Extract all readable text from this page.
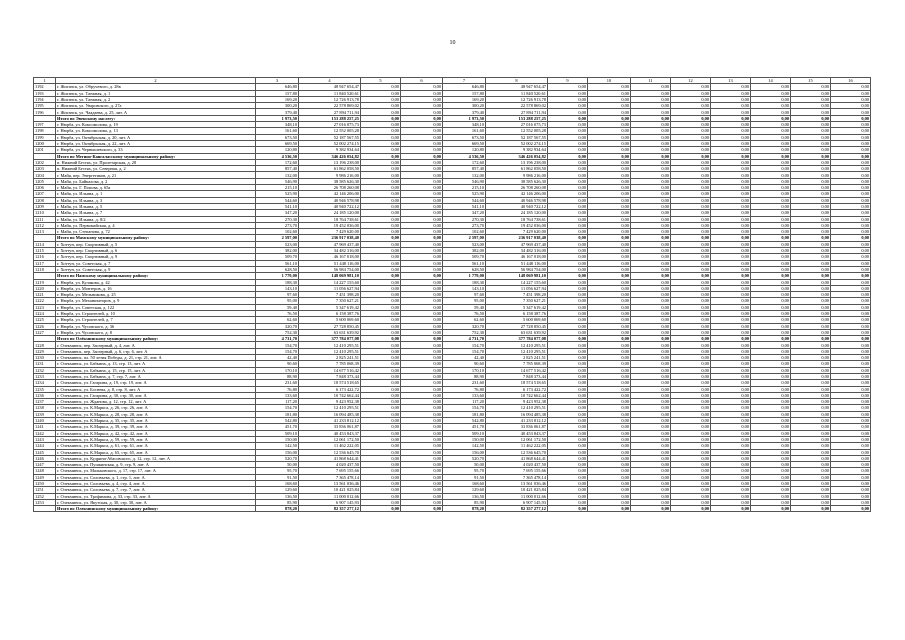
10
1	2	3	4	5	6	7	8	9	10	11	12	13	14	15	16
1192	г. Жиганск, ул. Обручевого, д. 28в	646,80	48 947 654,47	0,00	0,00	646,80	48 947 654,47	0,00	0,00	0,00	0,00	0,00	0,00	0,00	0,00
1193	г. Жиганск, ул. Таежная, д. 1	157,80	11 840 520,61	0,00	0,00	157,80	11 840 520,61	0,00	0,00	0,00	0,00	0,00	0,00	0,00	0,00
1194	г. Жиганск, ул. Таежная, д. 2	169,20	12 726 913,78	0,00	0,00	169,20	12 726 913,78	0,00	0,00	0,00	0,00	0,00	0,00	0,00	0,00
1195	г. Жиганск, ул. Уваровского, д. 27a	300,20	22 578 869,02	0,00	0,00	300,20	22 578 869,02	0,00	0,00	0,00	0,00	0,00	0,00	0,00	0,00
1196	г. Жиганск, ул. Чаадаева, д. 25, лит. А	379,40	27 894 711,94	0,00	0,00	379,40	27 894 711,94	0,00	0,00	0,00	0,00	0,00	0,00	0,00	0,00
	Итого по Эвенскому наслегу:	1 973,50	153 288 257,25	0,00	0,00	1 973,50	153 288 257,25	0,00	0,00	0,00	0,00	0,00	0,00	0,00	0,00
1197	г. Нюрба, ул. Комсомолова, д. 19	348,10	27 016 075,73	0,00	0,00	348,10	27 016 075,73	0,00	0,00	0,00	0,00	0,00	0,00	0,00	0,00
1198	г. Нюрба, ул. Комсомолова, д. 13	161,60	12 552 005,28	0,00	0,00	161,60	12 552 005,28	0,00	0,00	0,00	0,00	0,00	0,00	0,00	0,00
1199	г. Нюрба, ул. Октябрьская, д. 20, лит. А	673,50	52 187 567,55	0,00	0,00	673,50	52 187 567,55	0,00	0,00	0,00	0,00	0,00	0,00	0,00	0,00
1200	г. Нюрба, ул. Октябрьская, д. 22, лит. А	669,50	52 002 274,15	0,00	0,00	669,50	52 002 274,15	0,00	0,00	0,00	0,00	0,00	0,00	0,00	0,00
1201	г. Нюрба, ул. Чернышевского, д. 33	120,80	9 382 934,64	0,00	0,00	120,80	9 382 934,64	0,00	0,00	0,00	0,00	0,00	0,00	0,00	0,00
	Итого по Мегино-Кангаласскому муниципальному району:	4 536,50	346 426 054,82	0,00	0,00	4 536,50	346 426 054,82	0,00	0,00	0,00	0,00	0,00	0,00	0,00	0,00
1202	п. Нижний Бестях, ул. Пролетарская, д. 28	172,60	13 196 238,00	0,00	0,00	172,60	13 196 238,00	0,00	0,00	0,00	0,00	0,00	0,00	0,00	0,00
1203	п. Нижний Бестях, ул. Северная, д. 2	857,40	61 862 058,50	0,00	0,00	857,40	61 862 058,50	0,00	0,00	0,00	0,00	0,00	0,00	0,00	0,00
1204	г. Майя, пер. Энергетиков, д. 21	132,00	9 986 216,00	0,00	0,00	132,00	9 986 216,00	0,00	0,00	0,00	0,00	0,00	0,00	0,00	0,00
1205	г. Майя, ул. Байкалова, д. 2	546,90	38 585 626,30	0,00	0,00	546,90	38 585 626,30	0,00	0,00	0,00	0,00	0,00	0,00	0,00	0,00
1206	г. Майя, ул. Г. Попова, д. 65а	215,10	26 708 260,08	0,00	0,00	215,10	26 708 260,08	0,00	0,00	0,00	0,00	0,00	0,00	0,00	0,00
1207	г. Майя, ул. Ильина, д. 1	525,90	42 146 206,00	0,00	0,00	525,90	42 146 206,00	0,00	0,00	0,00	0,00	0,00	0,00	0,00	0,00
1208	г. Майя, ул. Ильина, д. 3	544,60	40 946 578,98	0,00	0,00	544,60	40 946 578,98	0,00	0,00	0,00	0,00	0,00	0,00	0,00	0,00
1209	г. Майя, ул. Ильина, д. 5	541,10	40 940 722,12	0,00	0,00	541,10	40 940 722,12	0,00	0,00	0,00	0,00	0,00	0,00	0,00	0,00
1210	г. Майя, ул. Ильина, д. 7	347,20	24 185 120,00	0,00	0,00	347,20	24 185 120,00	0,00	0,00	0,00	0,00	0,00	0,00	0,00	0,00
1211	г. Майя, ул. Ильина, д. 8/2	270,30	18 764 738,61	0,00	0,00	270,30	18 764 738,61	0,00	0,00	0,00	0,00	0,00	0,00	0,00	0,00
1212	г. Майя, ул. Первомайская, д. 4	273,70	19 452 036,00	0,00	0,00	273,70	19 452 036,00	0,00	0,00	0,00	0,00	0,00	0,00	0,00	0,00
1213	г. Майя, ул. Степанова, д. 72	102,60	7 429 620,00	0,00	0,00	102,60	7 429 620,00	0,00	0,00	0,00	0,00	0,00	0,00	0,00	0,00
	Итого по Мамскому муниципальному району:	2 597,00	236 917 038,40	0,00	0,00	2 597,00	236 917 038,40	0,00	0,00	0,00	0,00	0,00	0,00	0,00	0,00
1214	г. Хоттун, пер. Спортивный, д. 5	523,00	47 969 437,40	0,00	0,00	523,00	47 969 437,40	0,00	0,00	0,00	0,00	0,00	0,00	0,00	0,00
1215	г. Хоттун, пер. Спортивный, д. 6	382,00	34 482 316,00	0,00	0,00	382,00	34 482 316,00	0,00	0,00	0,00	0,00	0,00	0,00	0,00	0,00
1216	г. Хоттун, пер. Спортивный, д. 9	509,70	46 167 018,00	0,00	0,00	509,70	46 167 018,00	0,00	0,00	0,00	0,00	0,00	0,00	0,00	0,00
1217	г. Хоттун, ул. Советская, д. 7	561,10	51 448 116,00	0,00	0,00	561,10	51 448 116,00	0,00	0,00	0,00	0,00	0,00	0,00	0,00	0,00
1218	г. Хоттун, ул. Советская, д. 9	628,50	56 984 754,00	0,00	0,00	628,50	56 984 754,00	0,00	0,00	0,00	0,00	0,00	0,00	0,00	0,00
	Итого по Намскому муниципальному району:	1 779,00	148 069 981,10	0,00	0,00	1 779,00	148 069 981,10	0,00	0,00	0,00	0,00	0,00	0,00	0,00	0,00
1219	г. Нюрба, ул. Кулакова, д. 42	188,30	14 227 155,60	0,00	0,00	188,30	14 227 155,60	0,00	0,00	0,00	0,00	0,00	0,00	0,00	0,00
1220	г. Нюрба, ул. Монтеров, д. 16	143,10	11 056 627,94	0,00	0,00	143,10	11 056 627,94	0,00	0,00	0,00	0,00	0,00	0,00	0,00	0,00
1221	г. Нюрба, ул. Мельникова, д. 25	97,60	7 451 398,20	0,00	0,00	97,60	7 451 398,20	0,00	0,00	0,00	0,00	0,00	0,00	0,00	0,00
1222	г. Нюрба, ул. Механизаторов, д. 9	95,00	7 350 627,21	0,00	0,00	95,00	7 350 627,21	0,00	0,00	0,00	0,00	0,00	0,00	0,00	0,00
1223	г. Нюрба, ул. Советская, д. 122	59,40	5 347 619,42	0,00	0,00	59,40	5 347 619,42	0,00	0,00	0,00	0,00	0,00	0,00	0,00	0,00
1224	г. Нюрба, ул. Строителей, д. 10	76,50	6 158 387,76	0,00	0,00	76,50	6 158 387,76	0,00	0,00	0,00	0,00	0,00	0,00	0,00	0,00
1225	г. Нюрба, ул. Строителей, д. 7	62,60	5 600 069,60	0,00	0,00	62,60	5 600 069,60	0,00	0,00	0,00	0,00	0,00	0,00	0,00	0,00
1226	г. Нюрба, ул. Чусовского, д. 36	320,70	27 728 850,45	0,00	0,00	320,70	27 728 850,45	0,00	0,00	0,00	0,00	0,00	0,00	0,00	0,00
1227	г. Нюрба, ул. Чусовского, д. 8	752,30	63 631 639,92	0,00	0,00	752,30	63 631 639,92	0,00	0,00	0,00	0,00	0,00	0,00	0,00	0,00
	Итого по Олёкминскому муниципальному району:	4 731,70	377 784 077,08	0,00	0,00	4 731,70	377 784 077,08	0,00	0,00	0,00	0,00	0,00	0,00	0,00	0,00
1228	г. Олекминск, пер. Заозерный, д. 4, лит. А	154,70	12 410 295,51	0,00	0,00	154,70	12 410 295,51	0,00	0,00	0,00	0,00	0,00	0,00	0,00	0,00
1229	г. Олекминск, пер. Заозерный, д. 6, стр. 6, лит. А	154,70	12 410 295,51	0,00	0,00	154,70	12 410 295,51	0,00	0,00	0,00	0,00	0,00	0,00	0,00	0,00
1230	г. Олекминск, пл. 50 летия Победы, д. 21, стр. 21, лит. А	42,40	2 825 241,51	0,00	0,00	42,40	2 825 241,51	0,00	0,00	0,00	0,00	0,00	0,00	0,00	0,00
1231	г. Олекминск, ул. Бабкина, д. 13, стр. 13, лит. А	90,60	7 785 068,39	0,00	0,00	90,60	7 785 068,39	0,00	0,00	0,00	0,00	0,00	0,00	0,00	0,00
1232	г. Олекминск, ул. Бабкина, д. 15, стр. 15, лит. А	170,10	14 677 516,42	0,00	0,00	170,10	14 677 516,42	0,00	0,00	0,00	0,00	0,00	0,00	0,00	0,00
1233	г. Олекминск, ул. Бабкина, д. 7, стр. 7, лит. А	88,90	7 848 373,44	0,00	0,00	88,90	7 848 373,44	0,00	0,00	0,00	0,00	0,00	0,00	0,00	0,00
1234	г. Олекминск, ул. Гагарина, д. 19, стр. 19, лит. А	231,60	18 574 518,65	0,00	0,00	231,60	18 574 518,65	0,00	0,00	0,00	0,00	0,00	0,00	0,00	0,00
1235	г. Олекминск, ул. Боснева, д. 8, стр. 8, лит. А	76,80	6 173 422,72	0,00	0,00	76,80	6 173 422,72	0,00	0,00	0,00	0,00	0,00	0,00	0,00	0,00
1236	г. Олекминск, ул. Гагарина, д. 30, стр. 30, лит. А	133,60	10 742 662,44	0,00	0,00	133,60	10 742 662,44	0,00	0,00	0,00	0,00	0,00	0,00	0,00	0,00
1237	г. Олекминск, ул. Жданова, д. 12, стр. 12, лит. А	117,20	9 423 952,38	0,00	0,00	117,20	9 423 952,38	0,00	0,00	0,00	0,00	0,00	0,00	0,00	0,00
1238	г. Олекминск, ул. К.Маркса, д. 26, стр. 26, лит. А	154,70	12 410 295,51	0,00	0,00	154,70	12 410 295,51	0,00	0,00	0,00	0,00	0,00	0,00	0,00	0,00
1239	г. Олекминск, ул. К.Маркса, д. 28, стр. 28, лит. А	181,80	16 094 485,38	0,00	0,00	181,80	16 094 485,38	0,00	0,00	0,00	0,00	0,00	0,00	0,00	0,00
1240	г. Олекминск, ул. К.Маркса, д. 35, стр. 35, лит. А	542,80	41 233 812,12	0,00	0,00	542,80	41 233 812,12	0,00	0,00	0,00	0,00	0,00	0,00	0,00	0,00
1241	г. Олекминск, ул. К.Маркса, д. 39, стр. 39, лит. А	451,70	33 836 061,87	0,00	0,00	451,70	33 836 061,87	0,00	0,00	0,00	0,00	0,00	0,00	0,00	0,00
1242	г. Олекминск, ул. К.Маркса, д. 42, стр. 42, лит. А	509,10	40 453 843,37	0,00	0,00	509,10	40 453 843,37	0,00	0,00	0,00	0,00	0,00	0,00	0,00	0,00
1243	г. Олекминск, ул. К.Маркса, д. 59, стр. 59, лит. А	150,00	12 061 172,50	0,00	0,00	150,00	12 061 172,50	0,00	0,00	0,00	0,00	0,00	0,00	0,00	0,00
1244	г. Олекминск, ул. К.Маркса, д. 61, стр. 61, лит. А	142,50	11 462 222,05	0,00	0,00	142,50	11 462 222,05	0,00	0,00	0,00	0,00	0,00	0,00	0,00	0,00
1245	г. Олекминск, ул. К.Маркса, д. 65, стр. 65, лит. А	156,00	12 536 645,70	0,00	0,00	156,00	12 536 645,70	0,00	0,00	0,00	0,00	0,00	0,00	0,00	0,00
1246	г. Олекминск, ул. Кудрина-Абасовского, д. 12, стр. 12, лит. А	520,70	41 868 644,41	0,00	0,00	520,70	41 868 644,41	0,00	0,00	0,00	0,00	0,00	0,00	0,00	0,00
1247	г. Олекминск, ул. Пушкинская, д. 9, стр. 9, лит. А	50,00	4 020 437,50	0,00	0,00	50,00	4 020 437,50	0,00	0,00	0,00	0,00	0,00	0,00	0,00	0,00
1248	г. Олекминск, ул. Мальковского, д. 17, стр. 17, лит. А	95,70	7 695 155,66	0,00	0,00	95,70	7 695 155,66	0,00	0,00	0,00	0,00	0,00	0,00	0,00	0,00
1249	г. Олекминск, ул. Соловьева, д. 1, стр. 1, лит. А	91,50	7 365 478,14	0,00	0,00	91,50	7 365 478,14	0,00	0,00	0,00	0,00	0,00	0,00	0,00	0,00
1250	г. Олекминск, ул. Соловьева, д. 4, стр. 4, лит. А	168,60	13 561 036,46	0,00	0,00	168,60	13 561 036,46	0,00	0,00	0,00	0,00	0,00	0,00	0,00	0,00
1251	г. Олекминск, ул. Соловьева, д. 7, стр. 7, лит. А	129,60	10 421 025,84	0,00	0,00	129,60	10 421 025,84	0,00	0,00	0,00	0,00	0,00	0,00	0,00	0,00
1252	г. Олекминск, ул. Трофимова, д. 33, стр. 33, лит. А	136,50	11 000 012,66	0,00	0,00	136,50	11 000 012,66	0,00	0,00	0,00	0,00	0,00	0,00	0,00	0,00
1253	г. Олекминск, ул. Якутская, д. 30, стр. 30, лит. А	85,90	6 907 145,93	0,00	0,00	85,90	6 907 145,93	0,00	0,00	0,00	0,00	0,00	0,00	0,00	0,00
	Итого по Олекминскому муниципальному району:	878,20	82 357 277,12	0,00	0,00	878,20	82 357 277,12	0,00	0,00	0,00	0,00	0,00	0,00	0,00	0,00
